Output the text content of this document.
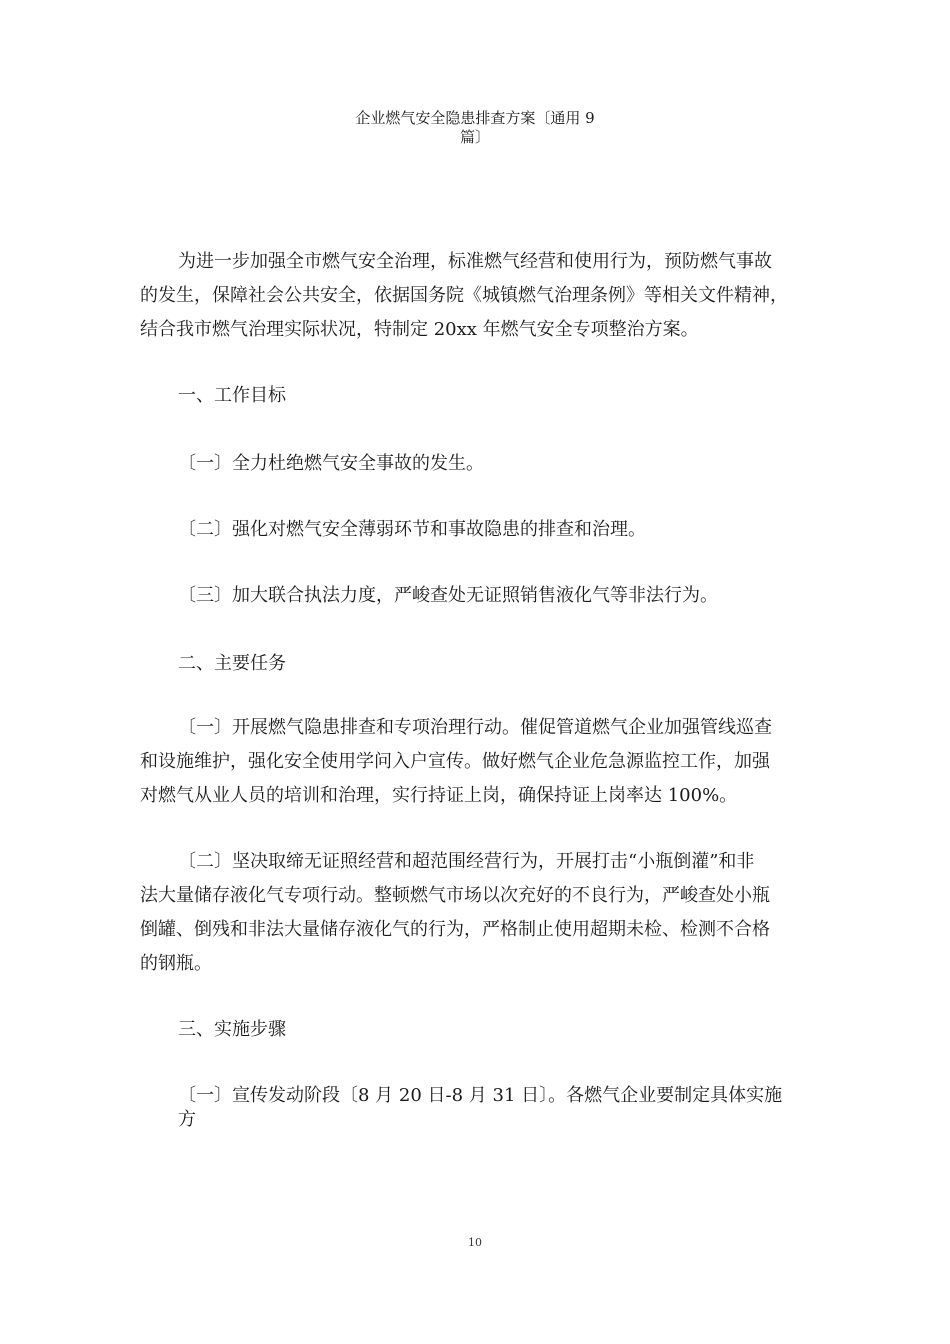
企业燃气安全隐患排查方案〔通用 9
篇〕
为进一步加强全市燃气安全治理，标准燃气经营和使用行为，预防燃气事故
的发生，保障社会公共安全，依据国务院《城镇燃气治理条例》等相关文件精神，
结合我市燃气治理实际状况，特制定 20xx 年燃气安全专项整治方案。
一、工作目标
〔一〕全力杜绝燃气安全事故的发生。
〔二〕强化对燃气安全薄弱环节和事故隐患的排查和治理。
〔三〕加大联合执法力度，严峻查处无证照销售液化气等非法行为。
二、主要任务
〔一〕开展燃气隐患排查和专项治理行动。催促管道燃气企业加强管线巡查
和设施维护，强化安全使用学问入户宣传。做好燃气企业危急源监控工作，加强
对燃气从业人员的培训和治理，实行持证上岗，确保持证上岗率达 100%。
〔二〕坚决取缔无证照经营和超范围经营行为，开展打击“小瓶倒灌”和非
法大量储存液化气专项行动。整顿燃气市场以次充好的不良行为，严峻查处小瓶
倒罐、倒残和非法大量储存液化气的行为，严格制止使用超期未检、检测不合格
的钢瓶。
三、实施步骤
〔一〕宣传发动阶段〔8 月 20 日-8 月 31 日〕。各燃气企业要制定具体实施
方
10
